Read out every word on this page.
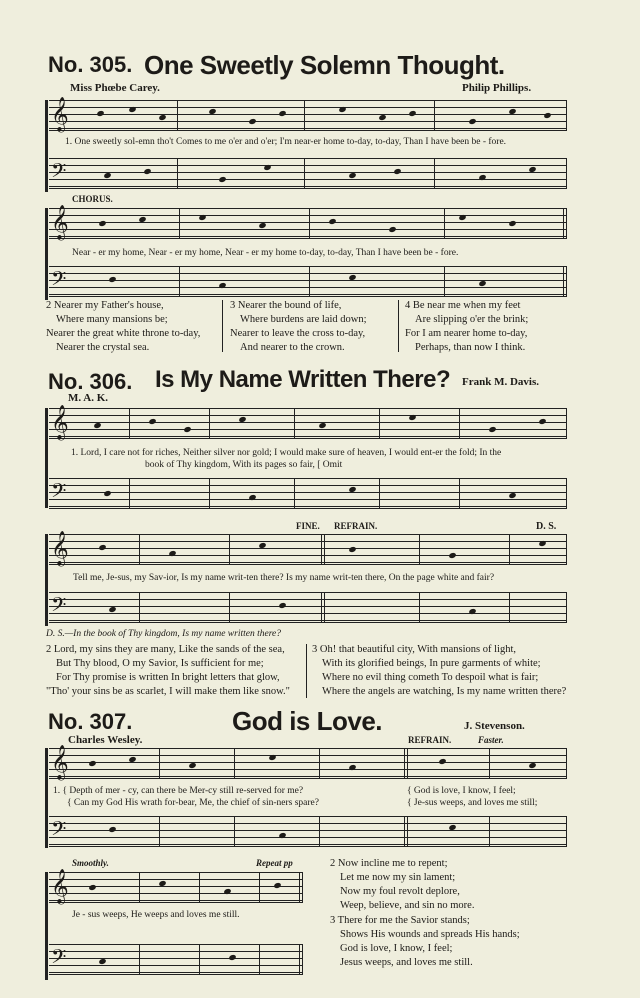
No. 305. One Sweetly Solemn Thought.
Miss Phœbe Carey.	Philip Phillips.
𝄞
1. One sweetly sol-emn tho't Comes to me o'er and o'er; I'm near-er home to-day, to-day, Than I have been be - fore.
𝄢
CHORUS.
𝄞
Near - er my home, Near - er my home, Near - er my home to-day, to-day, Than I have been be - fore.
𝄢
2 Nearer my Father's house,
Where many mansions be;
Nearer the great white throne to-day,
Nearer the crystal sea.
3 Nearer the bound of life,
Where burdens are laid down;
Nearer to leave the cross to-day,
And nearer to the crown.
4 Be near me when my feet
Are slipping o'er the brink;
For I am nearer home to-day,
Perhaps, than now I think.
No. 306. Is My Name Written There? Frank M. Davis.
M. A. K.
𝄞
1. Lord, I care not for riches, Neither silver nor gold; I would make sure of heaven, I would ent-er the fold; In the
book of Thy kingdom, With its pages so fair, [ Omit
𝄢
FINE. REFRAIN.	D. S.
𝄞
Tell me, Je-sus, my Sav-ior, Is my name writ-ten there? Is my name writ-ten there, On the page white and fair?
𝄢
D. S.—In the book of Thy kingdom, Is my name written there?
2 Lord, my sins they are many, Like the sands of the sea,
But Thy blood, O my Savior, Is sufficient for me;
For Thy promise is written In bright letters that glow,
"Tho' your sins be as scarlet, I will make them like snow."
3 Oh! that beautiful city, With mansions of light,
With its glorified beings, In pure garments of white;
Where no evil thing cometh To despoil what is fair;
Where the angels are watching, Is my name written there?
No. 307.	God is Love.	J. Stevenson.
Charles Wesley.	REFRAIN.	Faster.
𝄞
1. { Depth of mer - cy, can there be Mer-cy still re-served for me?
{ Can my God His wrath for-bear, Me, the chief of sin-ners spare?
{ God is love, I know, I feel;
{ Je-sus weeps, and loves me still;
𝄢
Smoothly.	Repeat pp
𝄞
Je - sus weeps, He weeps and loves me still.
𝄢
2 Now incline me to repent;
Let me now my sin lament;
Now my foul revolt deplore,
Weep, believe, and sin no more.
3 There for me the Savior stands;
Shows His wounds and spreads His hands;
God is love, I know, I feel;
Jesus weeps, and loves me still.
